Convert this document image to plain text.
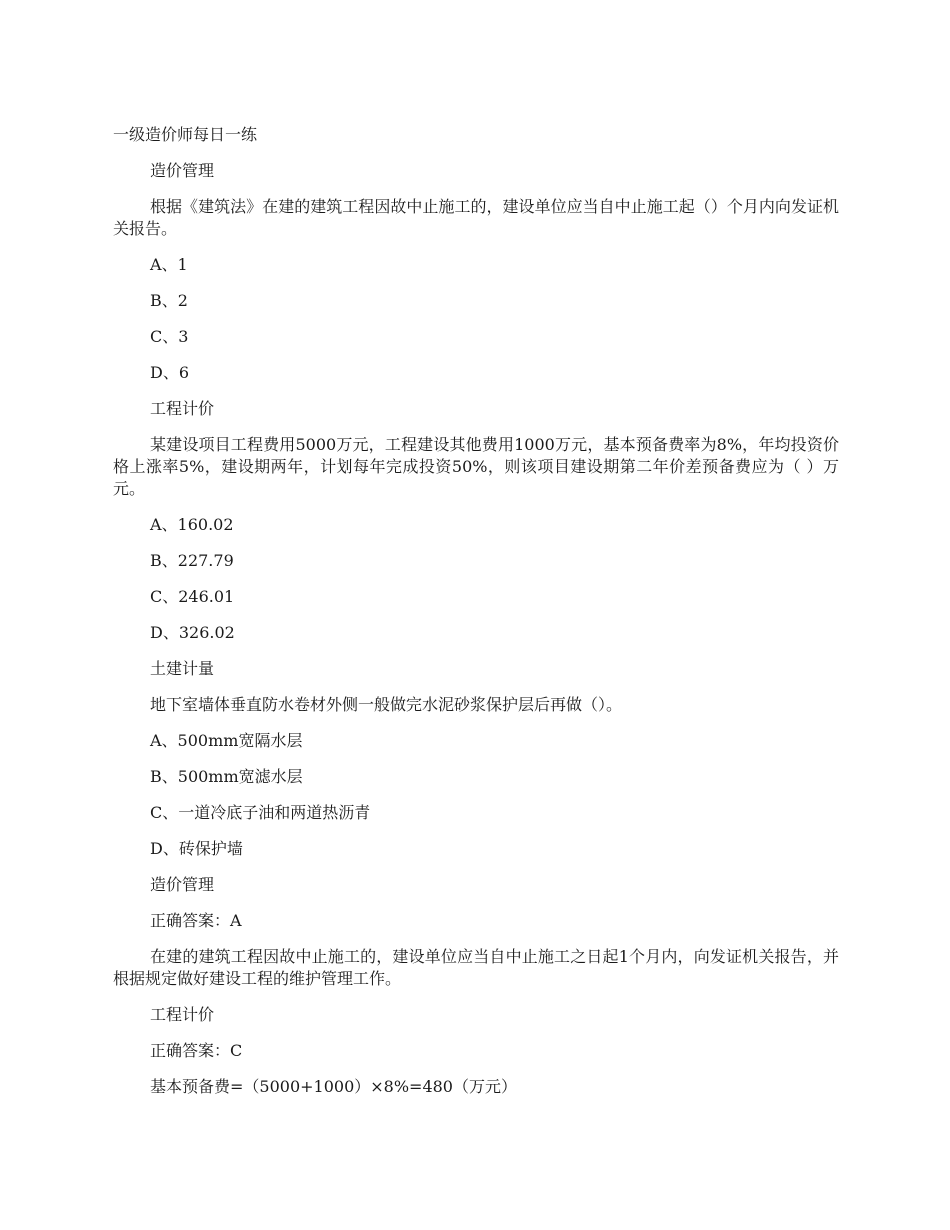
一级造价师每日一练

造价管理

根据《建筑法》在建的建筑工程因故中止施工的，建设单位应当自中止施工起（）个月内向发证机关报告。

A、1

B、2

C、3

D、6

工程计价

某建设项目工程费用5000万元，工程建设其他费用1000万元，基本预备费率为8%，年均投资价格上涨率5%，建设期两年，计划每年完成投资50%，则该项目建设期第二年价差预备费应为（ ）万元。

A、160.02

B、227.79

C、246.01

D、326.02

土建计量

地下室墙体垂直防水卷材外侧一般做完水泥砂浆保护层后再做（）。

A、500mm宽隔水层

B、500mm宽滤水层

C、一道冷底子油和两道热沥青

D、砖保护墙

造价管理

正确答案：A

在建的建筑工程因故中止施工的，建设单位应当自中止施工之日起1个月内，向发证机关报告，并根据规定做好建设工程的维护管理工作。

工程计价

正确答案：C

基本预备费=（5000+1000）×8%=480（万元）
